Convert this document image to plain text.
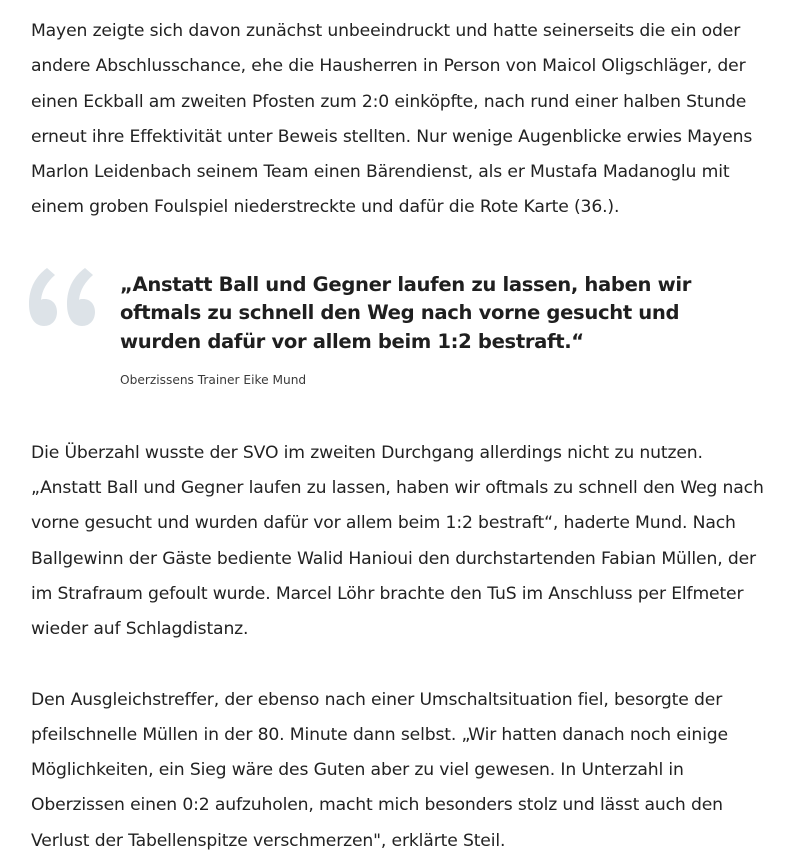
Mayen zeigte sich davon zunächst unbeeindruckt und hatte seinerseits die ein oder andere Abschlusschance, ehe die Hausherren in Person von Maicol Oligschläger, der einen Eckball am zweiten Pfosten zum 2:0 einköpfte, nach rund einer halben Stunde erneut ihre Effektivität unter Beweis stellten. Nur wenige Augenblicke erwies Mayens Marlon Leidenbach seinem Team einen Bärendienst, als er Mustafa Madanoglu mit einem groben Foulspiel niederstreckte und dafür die Rote Karte (36.).

„Anstatt Ball und Gegner laufen zu lassen, haben wir oftmals zu schnell den Weg nach vorne gesucht und wurden dafür vor allem beim 1:2 bestraft.“

Oberzissens Trainer Eike Mund

Die Überzahl wusste der SVO im zweiten Durchgang allerdings nicht zu nutzen. „Anstatt Ball und Gegner laufen zu lassen, haben wir oftmals zu schnell den Weg nach vorne gesucht und wurden dafür vor allem beim 1:2 bestraft“, haderte Mund. Nach Ballgewinn der Gäste bediente Walid Hanioui den durchstartenden Fabian Müllen, der im Strafraum gefoult wurde. Marcel Löhr brachte den TuS im Anschluss per Elfmeter wieder auf Schlagdistanz.

Den Ausgleichstreffer, der ebenso nach einer Umschaltsituation fiel, besorgte der pfeilschnelle Müllen in der 80. Minute dann selbst. „Wir hatten danach noch einige Möglichkeiten, ein Sieg wäre des Guten aber zu viel gewesen. In Unterzahl in Oberzissen einen 0:2 aufzuholen, macht mich besonders stolz und lässt auch den Verlust der Tabellenspitze verschmerzen", erklärte Steil.
